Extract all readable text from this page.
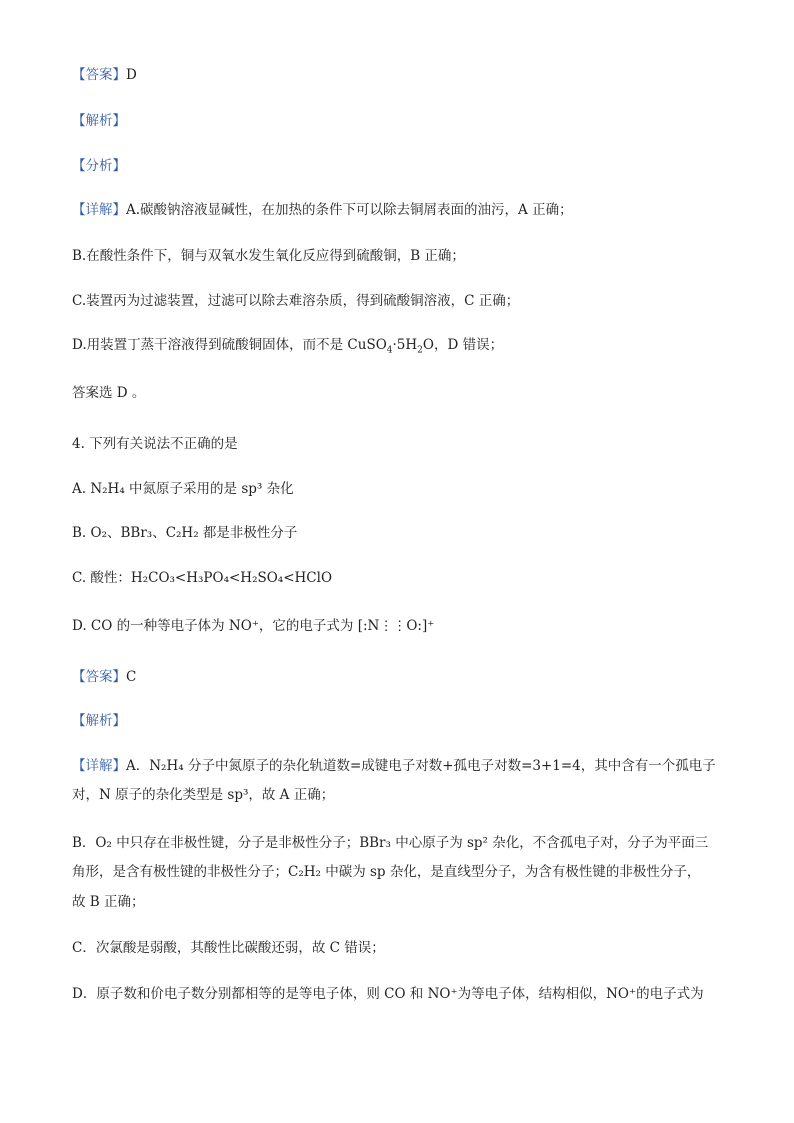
【答案】D
【解析】
【分析】
【详解】A.碳酸钠溶液显碱性，在加热的条件下可以除去铜屑表面的油污，A 正确；
B.在酸性条件下，铜与双氧水发生氧化反应得到硫酸铜，B 正确；
C.装置丙为过滤装置，过滤可以除去难溶杂质，得到硫酸铜溶液，C 正确；
D.用装置丁蒸干溶液得到硫酸铜固体，而不是 $CuSO_4\cdot 5H_2O$，D 错误；
答案选 D 。
4. 下列有关说法不正确的是
A. N₂H₄ 中氮原子采用的是 sp³ 杂化
B. O₂、BBr₃、C₂H₂ 都是非极性分子
C. 酸性：H₂CO₃<H₃PO₄<H₂SO₄<HClO
D. CO 的一种等电子体为 NO⁺，它的电子式为 [:N⋮⋮O:]⁺
【答案】C
【解析】
【详解】A．N₂H₄ 分子中氮原子的杂化轨道数=成键电子对数+孤电子对数=3+1=4，其中含有一个孤电子
对，N 原子的杂化类型是 sp³，故 A 正确；
B．O₂ 中只存在非极性键，分子是非极性分子；BBr₃ 中心原子为 sp² 杂化，不含孤电子对，分子为平面三
角形，是含有极性键的非极性分子；C₂H₂ 中碳为 sp 杂化，是直线型分子，为含有极性键的非极性分子，
故 B 正确；
C．次氯酸是弱酸，其酸性比碳酸还弱，故 C 错误；
D．原子数和价电子数分别都相等的是等电子体，则 CO 和 NO⁺为等电子体，结构相似，NO⁺的电子式为
